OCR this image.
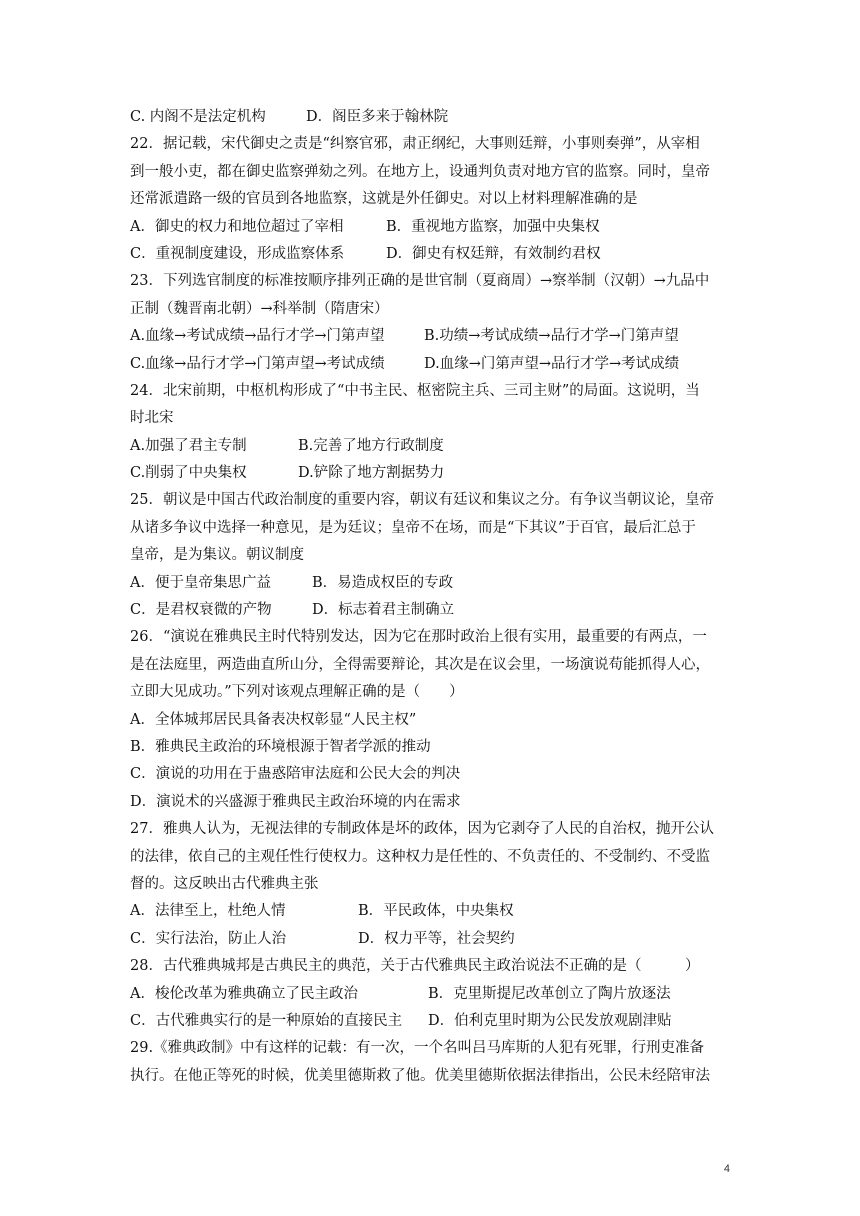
C. 内阁不是法定机构	D．阁臣多来于翰林院
22．据记载，宋代御史之责是“纠察官邪，肃正纲纪，大事则廷辩，小事则奏弹”，从宰相
到一般小吏，都在御史监察弹劾之列。在地方上，设通判负责对地方官的监察。同时，皇帝
还常派遣路一级的官员到各地监察，这就是外任御史。对以上材料理解准确的是
A．御史的权力和地位超过了宰相	B．重视地方监察，加强中央集权
C．重视制度建设，形成监察体系	D．御史有权廷辩，有效制约君权
23．下列选官制度的标准按顺序排列正确的是世官制（夏商周）→察举制（汉朝）→九品中
正制（魏晋南北朝）→科举制（隋唐宋）
A.血缘→考试成绩→品行才学→门第声望	B.功绩→考试成绩→品行才学→门第声望
C.血缘→品行才学→门第声望→考试成绩	D.血缘→门第声望→品行才学→考试成绩
24．北宋前期，中枢机构形成了“中书主民、枢密院主兵、三司主财”的局面。这说明，当
时北宋
A.加强了君主专制	B.完善了地方行政制度
C.削弱了中央集权	D.铲除了地方割据势力
25．朝议是中国古代政治制度的重要内容，朝议有廷议和集议之分。有争议当朝议论，皇帝
从诸多争议中选择一种意见，是为廷议；皇帝不在场，而是“下其议”于百官，最后汇总于
皇帝，是为集议。朝议制度
A．便于皇帝集思广益	B．易造成权臣的专政
C．是君权衰微的产物	D．标志着君主制确立
26．“演说在雅典民主时代特别发达，因为它在那时政治上很有实用，最重要的有两点，一
是在法庭里，两造曲直所山分，全得需要辩论，其次是在议会里，一场演说苟能抓得人心，
立即大见成功。”下列对该观点理解正确的是（　　）
A．全体城邦居民具备表决权彰显“人民主权”
B．雅典民主政治的环境根源于智者学派的推动
C．演说的功用在于蛊惑陪审法庭和公民大会的判决
D．演说术的兴盛源于雅典民主政治环境的内在需求
27．雅典人认为，无视法律的专制政体是坏的政体，因为它剥夺了人民的自治权，抛开公认
的法律，依自己的主观任性行使权力。这种权力是任性的、不负责任的、不受制约、不受监
督的。这反映出古代雅典主张
A．法律至上，杜绝人情	B．平民政体，中央集权
C．实行法治，防止人治	D．权力平等，社会契约
28．古代雅典城邦是古典民主的典范，关于古代雅典民主政治说法不正确的是（　　　）
A．梭伦改革为雅典确立了民主政治	B．克里斯提尼改革创立了陶片放逐法
C．古代雅典实行的是一种原始的直接民主	D．伯利克里时期为公民发放观剧津贴
29.《雅典政制》中有这样的记载：有一次，一个名叫吕马库斯的人犯有死罪，行刑吏准备
执行。在他正等死的时候，优美里德斯救了他。优美里德斯依据法律指出，公民未经陪审法
4
